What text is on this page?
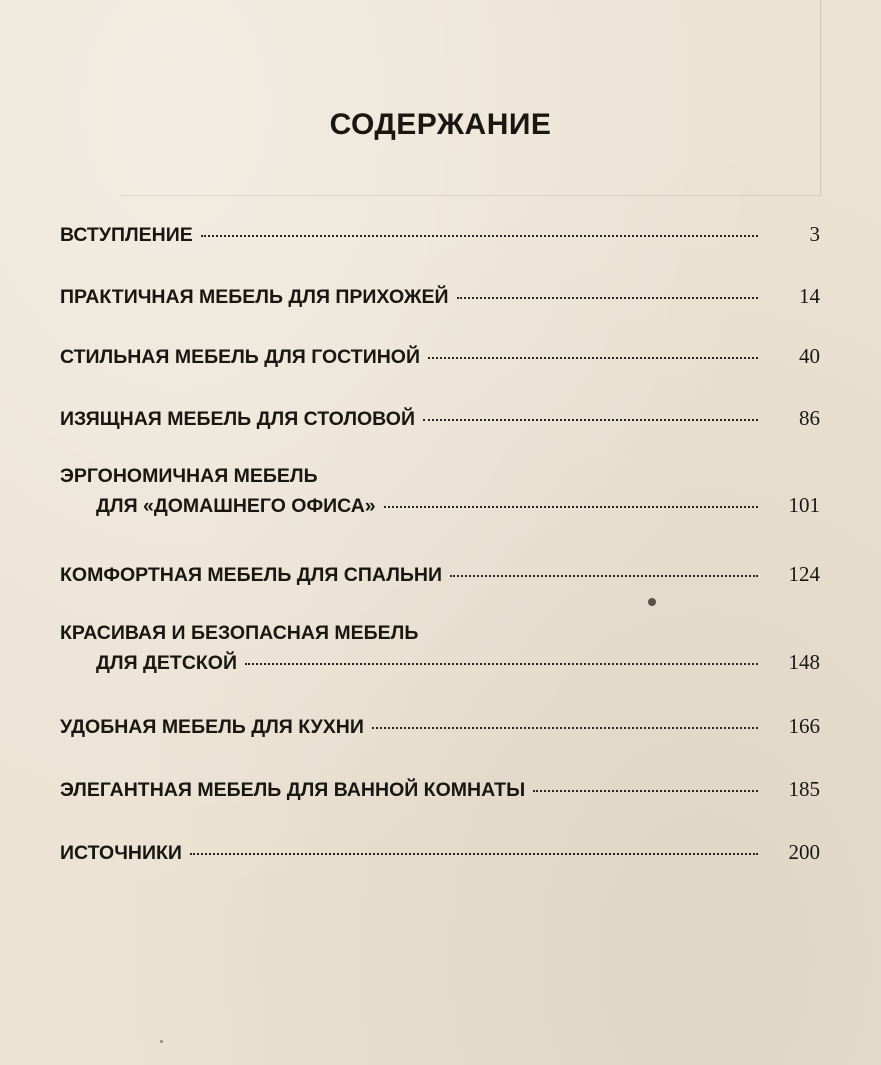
СОДЕРЖАНИЕ
ВСТУПЛЕНИЕ	3
ПРАКТИЧНАЯ МЕБЕЛЬ ДЛЯ ПРИХОЖЕЙ	14
СТИЛЬНАЯ МЕБЕЛЬ ДЛЯ ГОСТИНОЙ	40
ИЗЯЩНАЯ МЕБЕЛЬ ДЛЯ СТОЛОВОЙ	86
ЭРГОНОМИЧНАЯ МЕБЕЛЬ
ДЛЯ «ДОМАШНЕГО ОФИСА»	101
КОМФОРТНАЯ МЕБЕЛЬ ДЛЯ СПАЛЬНИ	124
КРАСИВАЯ И БЕЗОПАСНАЯ МЕБЕЛЬ
ДЛЯ ДЕТСКОЙ	148
УДОБНАЯ МЕБЕЛЬ ДЛЯ КУХНИ	166
ЭЛЕГАНТНАЯ МЕБЕЛЬ ДЛЯ ВАННОЙ КОМНАТЫ	185
ИСТОЧНИКИ	200
